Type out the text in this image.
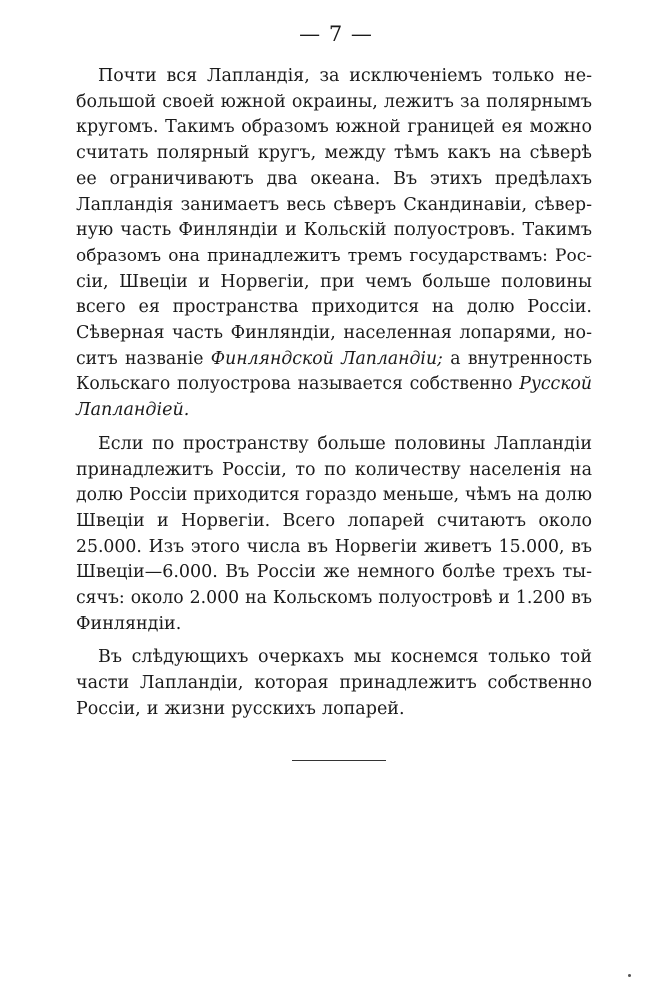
— 7 —

Почти вся Лапландія, за исключеніемъ только не-
большой своей южной окраины, лежитъ за полярнымъ
кругомъ. Такимъ образомъ южной границей ея можно
считать полярный кругъ, между тѣмъ какъ на сѣверѣ
ее ограничиваютъ два океана. Въ этихъ предѣлахъ
Лапландія занимаетъ весь сѣверъ Скандинавіи, сѣвер-
ную часть Финляндіи и Кольскій полуостровъ. Такимъ
образомъ она принадлежитъ тремъ государствамъ: Рос-
сіи, Швеціи и Норвегіи, при чемъ больше половины
всего ея пространства приходится на долю Россіи.
Сѣверная часть Финляндіи, населенная лопарями, но-
ситъ названіе Финляндской Лапландіи; а внутренность
Кольскаго полуострова называется собственно Русской
Лапландіей.

Если по пространству больше половины Лапландіи
принадлежитъ Россіи, то по количеству населенія на
долю Россіи приходится гораздо меньше, чѣмъ на долю
Швеціи и Норвегіи. Всего лопарей считаютъ около
25.000. Изъ этого числа въ Норвегіи живетъ 15.000, въ
Швеціи—6.000. Въ Россіи же немного болѣе трехъ ты-
сячъ: около 2.000 на Кольскомъ полуостровѣ и 1.200 въ
Финляндіи.

Въ слѣдующихъ очеркахъ мы коснемся только той
части Лапландіи, которая принадлежитъ собственно
Россіи, и жизни русскихъ лопарей.
